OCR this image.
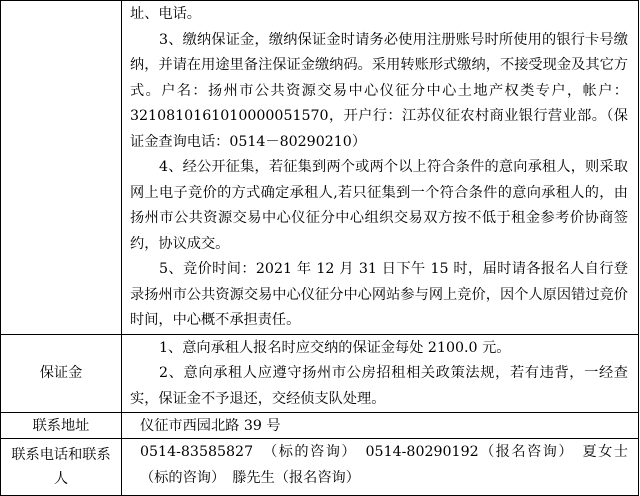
	址、电话。

3、缴纳保证金，缴纳保证金时请务必使用注册账号时所使用的银行卡号缴纳，并请在用途里备注保证金缴纳码。采用转账形式缴纳，不接受现金及其它方式。户名：扬州市公共资源交易中心仪征分中心土地产权类专户，帐户：3210810161010000051570，开户行：江苏仪征农村商业银行营业部。（保证金查询电话：0514－80290210）

4、经公开征集，若征集到两个或两个以上符合条件的意向承租人，则采取网上电子竞价的方式确定承租人,若只征集到一个符合条件的意向承租人的，由扬州市公共资源交易中心仪征分中心组织交易双方按不低于租金参考价协商签约，协议成交。

5、竞价时间：2021 年 12 月 31 日下午 15 时，届时请各报名人自行登录扬州市公共资源交易中心仪征分中心网站参与网上竞价，因个人原因错过竞价时间，中心概不承担责任。

保证金	1、意向承租人报名时应交纳的保证金每处 2100.0 元。

2、意向承租人应遵守扬州市公房招租相关政策法规，若有违背，一经查实，保证金不予退还，交经侦支队处理。

联系地址	仪征市西园北路 39 号
联系电话和联系人	0514-83585827　（标的咨询）　0514-80290192（报名咨询）　夏女士（标的咨询）　滕先生（报名咨询）
